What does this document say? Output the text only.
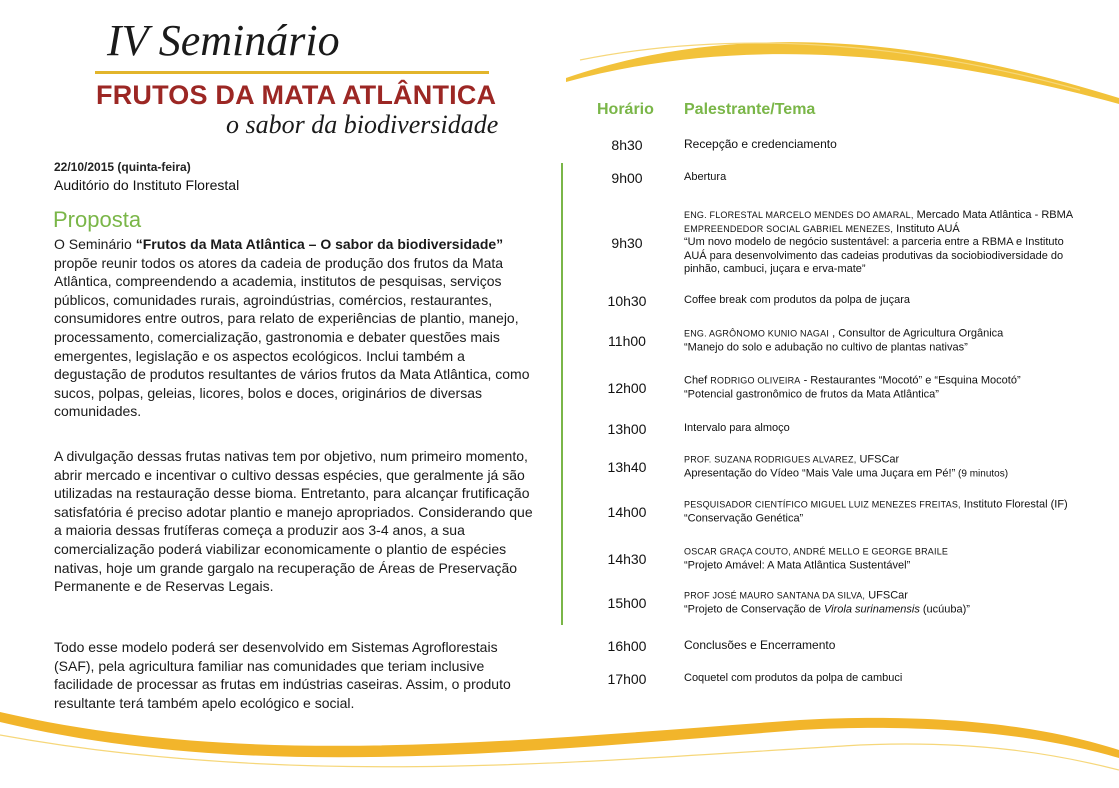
IV Seminário
FRUTOS DA MATA ATLÂNTICA
o sabor da biodiversidade
22/10/2015 (quinta-feira)
Auditório do Instituto Florestal
Proposta

O Seminário “Frutos da Mata Atlântica – O sabor da biodiversidade” propõe reunir todos os atores da cadeia de produção dos frutos da Mata Atlântica, compreendendo a academia, institutos de pesquisas, serviços públicos, comunidades rurais, agroindústrias, comércios, restaurantes, consumidores entre outros, para relato de experiências de plantio, manejo, processamento, comercialização, gastronomia e debater questões mais emergentes, legislação e os aspectos ecológicos. Inclui também a degustação de produtos resultantes de vários frutos da Mata Atlântica, como sucos, polpas, geleias, licores, bolos e doces, originários de diversas comunidades.

A divulgação dessas frutas nativas tem por objetivo, num primeiro momento, abrir mercado e incentivar o cultivo dessas espécies, que geralmente já são utilizadas na restauração desse bioma. Entretanto, para alcançar frutificação satisfatória é preciso adotar plantio e manejo apropriados. Considerando que a maioria dessas frutíferas começa a produzir aos 3-4 anos, a sua comercialização poderá viabilizar economicamente o plantio de espécies nativas, hoje um grande gargalo na recuperação de Áreas de Preservação Permanente e de Reservas Legais.

Todo esse modelo poderá ser desenvolvido em Sistemas Agroflorestais (SAF), pela agricultura familiar nas comunidades que teriam inclusive facilidade de processar as frutas em indústrias caseiras. Assim, o produto resultante terá também apelo ecológico e social.

Horário Palestrante/Tema
8h30	Recepção e credenciamento
9h00	Abertura
9h30
ENG. FLORESTAL MARCELO MENDES DO AMARAL, Mercado Mata Atlântica - RBMA
EMPREENDEDOR SOCIAL GABRIEL MENEZES, Instituto AUÁ
“Um novo modelo de negócio sustentável: a parceria entre a RBMA e Instituto AUÁ para desenvolvimento das cadeias produtivas da sociobiodiversidade do pinhão, cambuci, juçara e erva-mate”
10h30	Coffee break com produtos da polpa de juçara
11h00	ENG. AGRÔNOMO KUNIO NAGAI , Consultor de Agricultura Orgânica
“Manejo do solo e adubação no cultivo de plantas nativas”
12h00	Chef RODRIGO OLIVEIRA - Restaurantes “Mocotó” e “Esquina Mocotó”
“Potencial gastronômico de frutos da Mata Atlântica”
13h00	Intervalo para almoço
13h40	PROF. SUZANA RODRIGUES ALVAREZ, UFSCar
Apresentação do Vídeo “Mais Vale uma Juçara em Pé!” (9 minutos)
14h00	PESQUISADOR CIENTÍFICO MIGUEL LUIZ MENEZES FREITAS, Instituto Florestal (IF)
“Conservação Genética”
14h30	OSCAR GRAÇA COUTO, ANDRÉ MELLO E GEORGE BRAILE
“Projeto Amável: A Mata Atlântica Sustentável”
15h00	PROF JOSÉ MAURO SANTANA DA SILVA, UFSCar
“Projeto de Conservação de Virola surinamensis (ucúuba)”
16h00	Conclusões e Encerramento
17h00	Coquetel com produtos da polpa de cambuci
